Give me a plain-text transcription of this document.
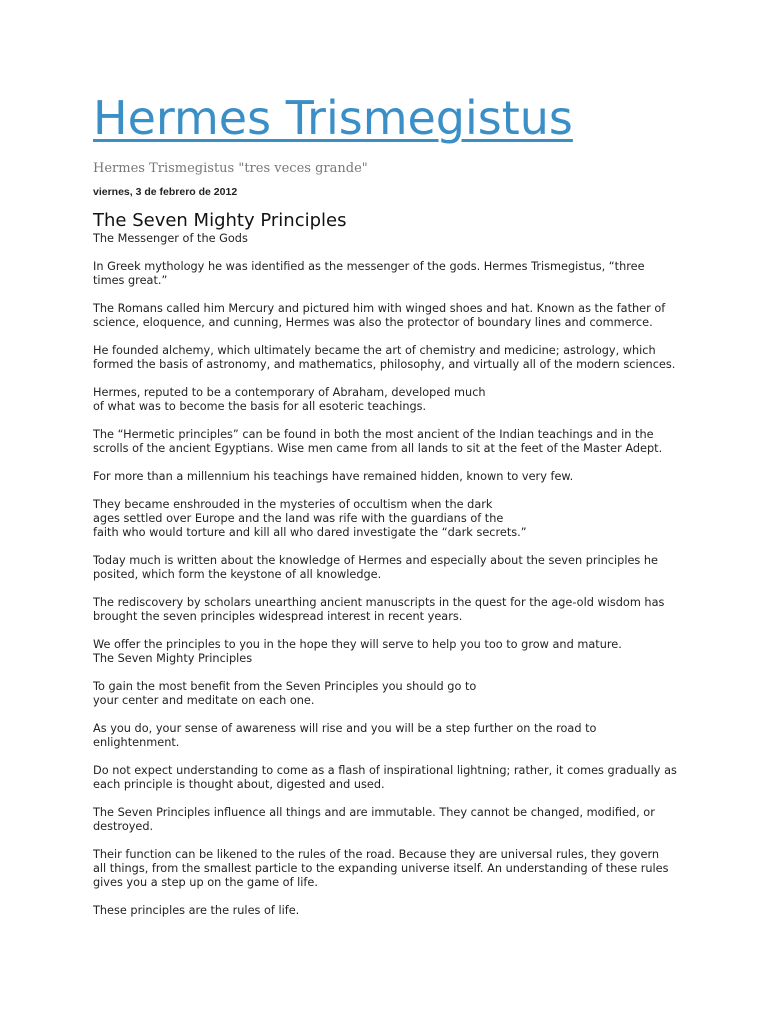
Hermes Trismegistus
Hermes Trismegistus "tres veces grande"
viernes, 3 de febrero de 2012
The Seven Mighty Principles

The Messenger of the Gods

In Greek mythology he was identified as the messenger of the gods. Hermes Trismegistus, “three
times great.”

The Romans called him Mercury and pictured him with winged shoes and hat. Known as the father of
science, eloquence, and cunning, Hermes was also the protector of boundary lines and commerce.

He founded alchemy, which ultimately became the art of chemistry and medicine; astrology, which
formed the basis of astronomy, and mathematics, philosophy, and virtually all of the modern sciences.

Hermes, reputed to be a contemporary of Abraham, developed much
of what was to become the basis for all esoteric teachings.

The “Hermetic principles” can be found in both the most ancient of the Indian teachings and in the
scrolls of the ancient Egyptians. Wise men came from all lands to sit at the feet of the Master Adept.

For more than a millennium his teachings have remained hidden, known to very few.

They became enshrouded in the mysteries of occultism when the dark
ages settled over Europe and the land was rife with the guardians of the
faith who would torture and kill all who dared investigate the “dark secrets.”

Today much is written about the knowledge of Hermes and especially about the seven principles he
posited, which form the keystone of all knowledge.

The rediscovery by scholars unearthing ancient manuscripts in the quest for the age-old wisdom has
brought the seven principles widespread interest in recent years.

We offer the principles to you in the hope they will serve to help you too to grow and mature.
The Seven Mighty Principles

To gain the most benefit from the Seven Principles you should go to
your center and meditate on each one.

As you do, your sense of awareness will rise and you will be a step further on the road to
enlightenment.

Do not expect understanding to come as a flash of inspirational lightning; rather, it comes gradually as
each principle is thought about, digested and used.

The Seven Principles influence all things and are immutable. They cannot be changed, modified, or
destroyed.

Their function can be likened to the rules of the road. Because they are universal rules, they govern
all things, from the smallest particle to the expanding universe itself. An understanding of these rules
gives you a step up on the game of life.

These principles are the rules of life.
